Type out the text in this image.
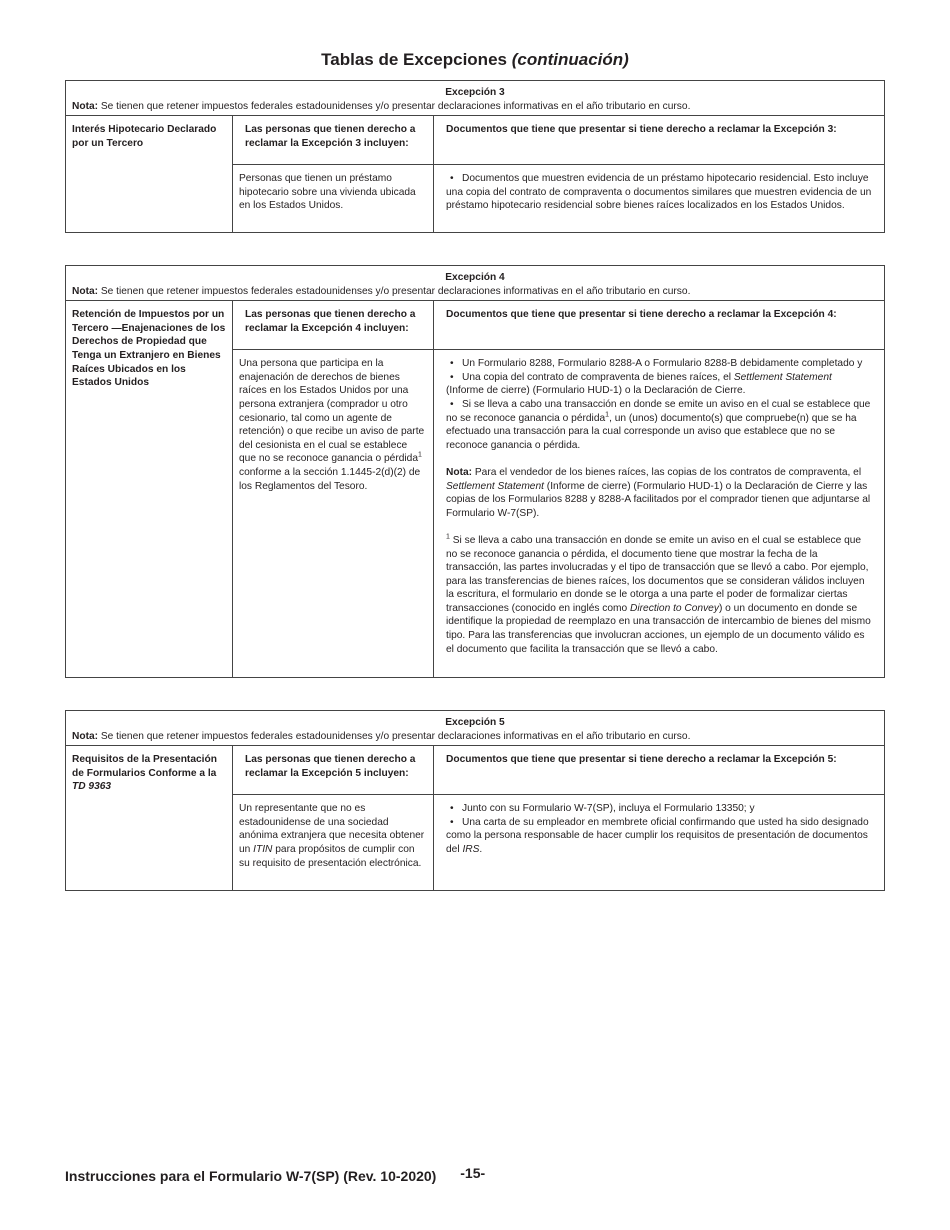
Tablas de Excepciones (continuación)
Excepción 3
Nota: Se tienen que retener impuestos federales estadounidenses y/o presentar declaraciones informativas en el año tributario en curso.
Interés Hipotecario Declarado por un Tercero
Las personas que tienen derecho a reclamar la Excepción 3 incluyen:
Personas que tienen un préstamo hipotecario sobre una vivienda ubicada en los Estados Unidos.
Documentos que tiene que presentar si tiene derecho a reclamar la Excepción 3:
• Documentos que muestren evidencia de un préstamo hipotecario residencial. Esto incluye una copia del contrato de compraventa o documentos similares que muestren evidencia de un préstamo hipotecario residencial sobre bienes raíces localizados en los Estados Unidos.
Excepción 4
Nota: Se tienen que retener impuestos federales estadounidenses y/o presentar declaraciones informativas en el año tributario en curso.
Retención de Impuestos por un Tercero —Enajenaciones de los Derechos de Propiedad que Tenga un Extranjero en Bienes Raíces Ubicados en los Estados Unidos
Las personas que tienen derecho a reclamar la Excepción 4 incluyen:
Una persona que participa en la enajenación de derechos de bienes raíces en los Estados Unidos por una persona extranjera (comprador u otro cesionario, tal como un agente de retención) o que recibe un aviso de parte del cesionista en el cual se establece que no se reconoce ganancia o pérdida$^1$ conforme a la sección 1.1445-2(d)(2) de los Reglamentos del Tesoro.
Documentos que tiene que presentar si tiene derecho a reclamar la Excepción 4:
• Un Formulario 8288, Formulario 8288-A o Formulario 8288-B debidamente completado y
• Una copia del contrato de compraventa de bienes raíces, el Settlement Statement

(Informe de cierre) (Formulario HUD-1) o la Declaración de Cierre.

• Si se lleva a cabo una transacción en donde se emite un aviso en el cual se establece que no se reconoce ganancia o pérdida$^1$, un (unos) documento(s) que compruebe(n) que se ha efectuado una transacción para la cual corresponde un aviso que establece que no se reconoce ganancia o pérdida.

Nota: Para el vendedor de los bienes raíces, las copias de los contratos de compraventa, el Settlement Statement (Informe de cierre) (Formulario HUD-1) o la Declaración de Cierre y las copias de los Formularios 8288 y 8288-A facilitados por el comprador tienen que adjuntarse al Formulario W-7(SP).

$^1$ Si se lleva a cabo una transacción en donde se emite un aviso en el cual se establece que no se reconoce ganancia o pérdida, el documento tiene que mostrar la fecha de la transacción, las partes involucradas y el tipo de transacción que se llevó a cabo. Por ejemplo, para las transferencias de bienes raíces, los documentos que se consideran válidos incluyen la escritura, el formulario en donde se le otorga a una parte el poder de formalizar ciertas transacciones (conocido en inglés como Direction to Convey) o un documento en donde se identifique la propiedad de reemplazo en una transacción de intercambio de bienes del mismo tipo. Para las transferencias que involucran acciones, un ejemplo de un documento válido es el documento que facilita la transacción que se llevó a cabo.

Excepción 5
Nota: Se tienen que retener impuestos federales estadounidenses y/o presentar declaraciones informativas en el año tributario en curso.
Requisitos de la Presentación de Formularios Conforme a la
TD 9363
Las personas que tienen derecho a reclamar la Excepción 5 incluyen:
Un representante que no es estadounidense de una sociedad anónima extranjera que necesita obtener un ITIN para propósitos de cumplir con su requisito de presentación electrónica.
Documentos que tiene que presentar si tiene derecho a reclamar la Excepción 5:
• Junto con su Formulario W-7(SP), incluya el Formulario 13350; y
• Una carta de su empleador en membrete oficial confirmando que usted ha sido designado como la persona responsable de hacer cumplir los requisitos de presentación de documentos del IRS.
Instrucciones para el Formulario W-7(SP) (Rev. 10-2020) -15-
